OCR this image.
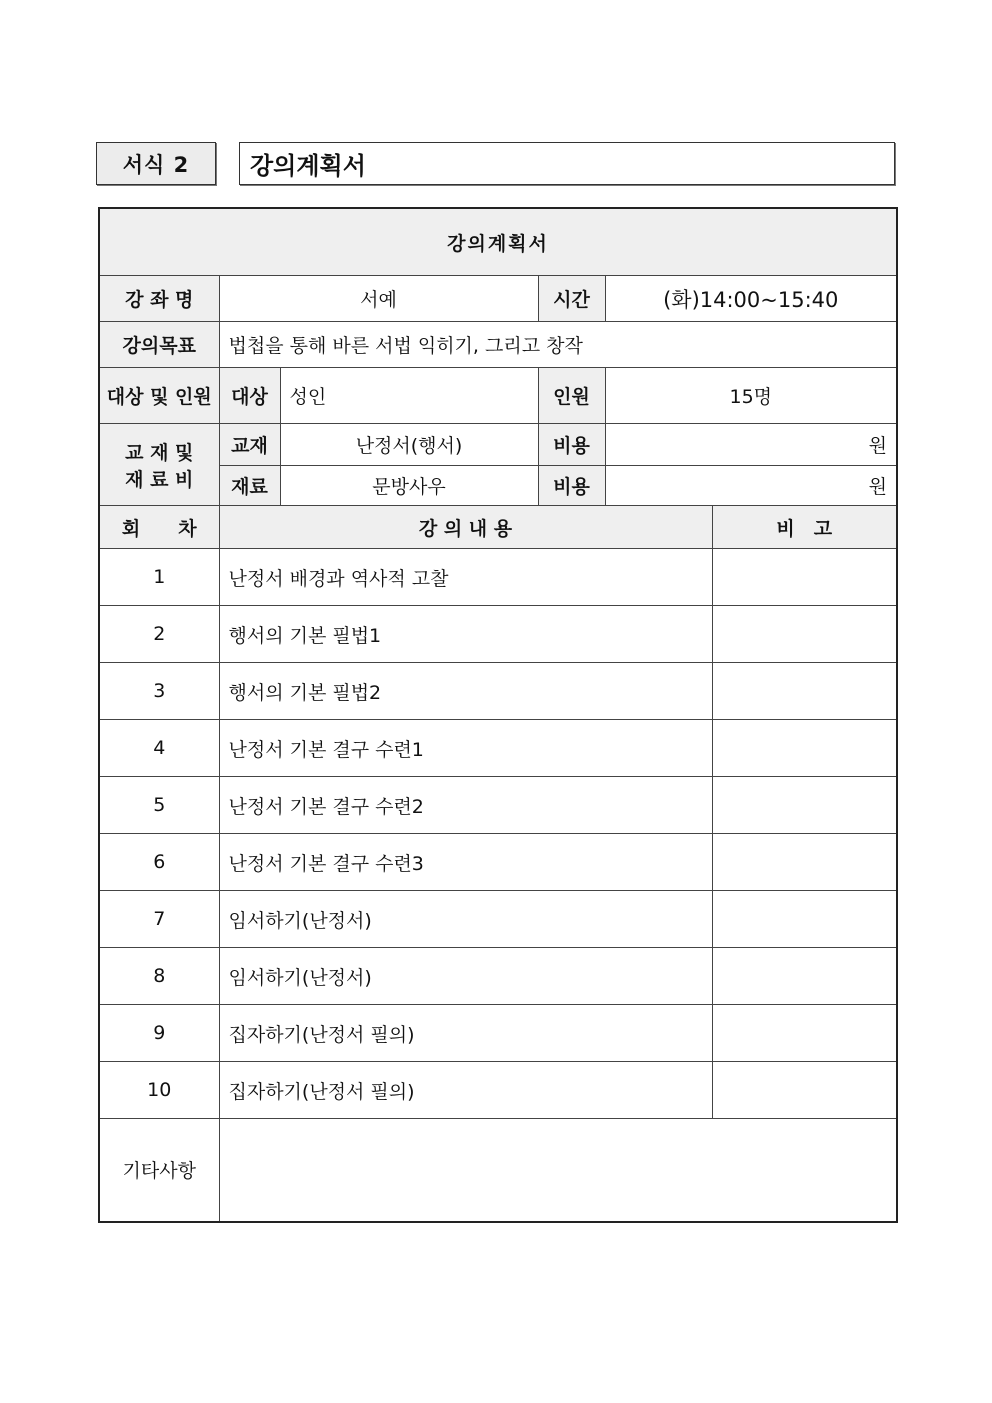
서식 2	강의계획서
강의계획서					
강 좌 명	서예		시간	(화)14:00~15:40	
강의목표	법첩을 통해 바른 서법 익히기, 그리고 창작				
대상 및 인원	대상	성인	인원	15명	

교 재 및
재 료 비	교재	난정서(행서)	비용	원	
	재료	문방사우	비용	원	
회　　차	강 의 내 용				비　고
1	난정서 배경과 역사적 고찰				
2	행서의 기본 필법1				
3	행서의 기본 필법2				
4	난정서 기본 결구 수련1				
5	난정서 기본 결구 수련2				
6	난정서 기본 결구 수련3				
7	임서하기(난정서)				
8	임서하기(난정서)				
9	집자하기(난정서 필의)				
10	집자하기(난정서 필의)				
기타사항					
